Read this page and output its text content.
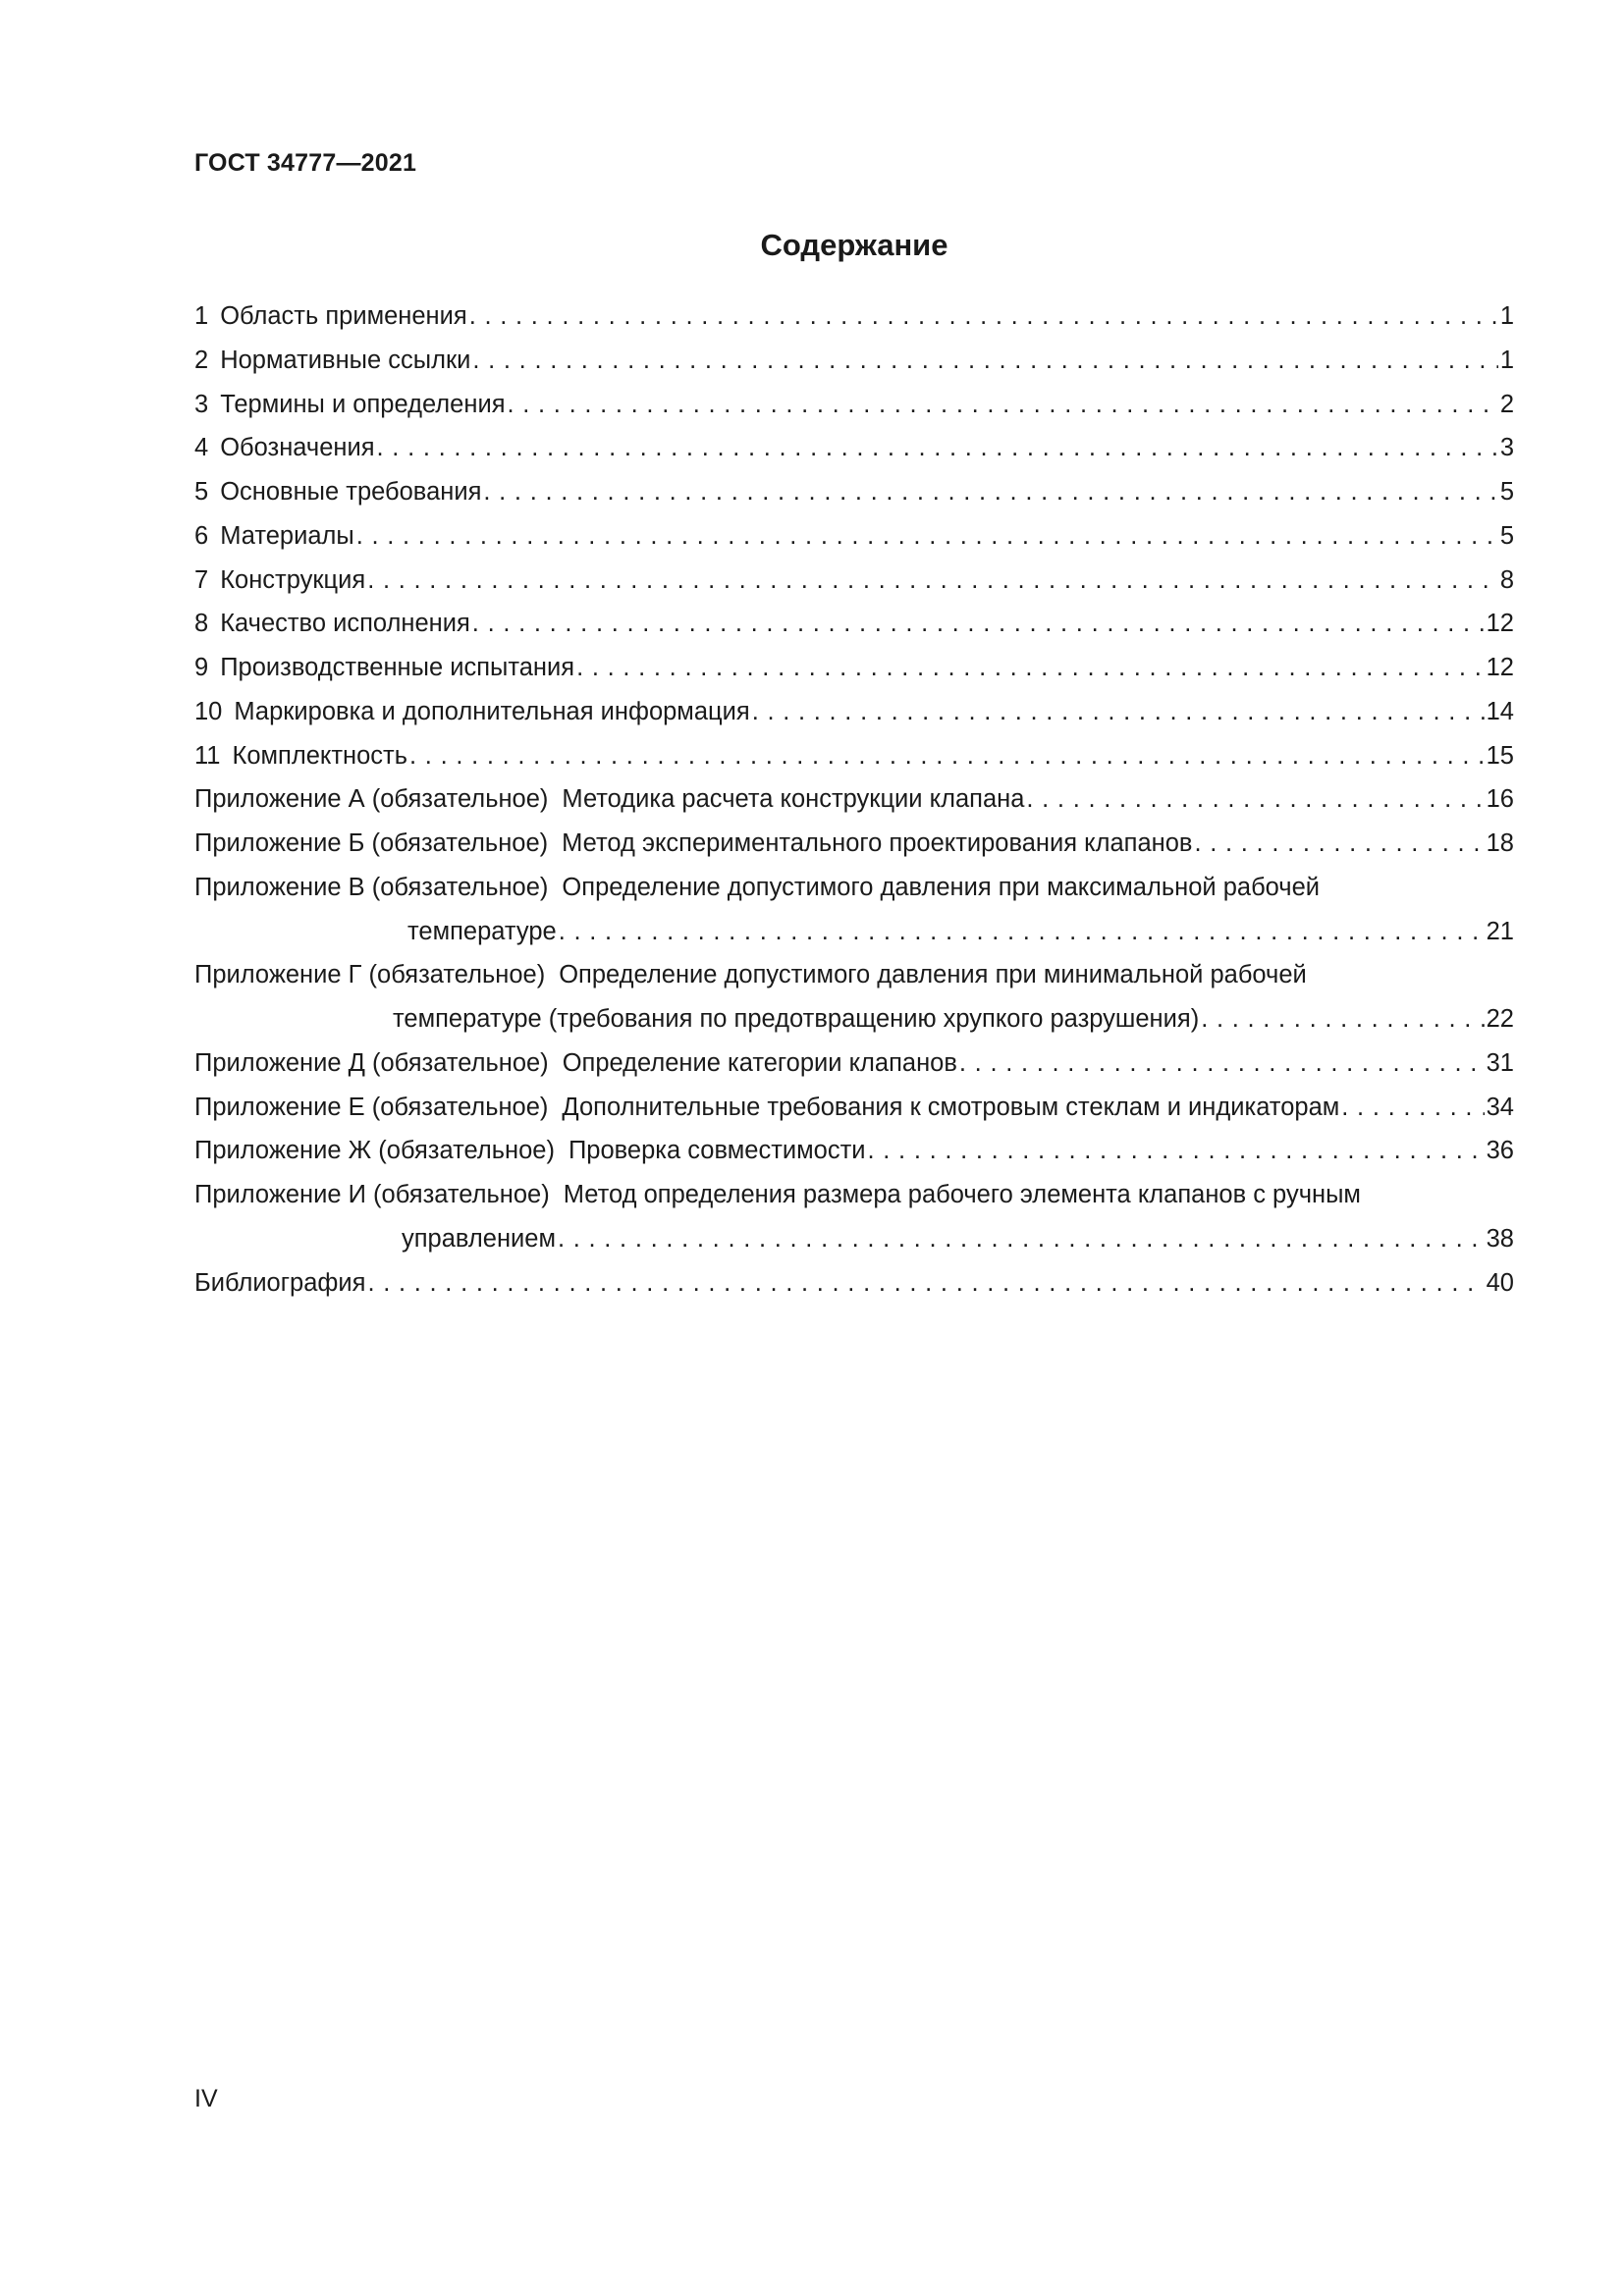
ГОСТ 34777—2021
Содержание
1 Область применения . . .	1
2 Нормативные ссылки . . .	1
3 Термины и определения . . .	2
4 Обозначения . . .	3
5 Основные требования . . .	5
6 Материалы . . .	5
7 Конструкция . . .	8
8 Качество исполнения . . .	12
9 Производственные испытания . . .	12
10 Маркировка и дополнительная информация . . .	14
11 Комплектность . . .	15
Приложение А (обязательное) Методика расчета конструкции клапана . . .	16
Приложение Б (обязательное) Метод экспериментального проектирования клапанов . . .	18
Приложение В (обязательное) Определение допустимого давления при максимальной рабочей
температуре . . .	21
Приложение Г (обязательное) Определение допустимого давления при минимальной рабочей
температуре (требования по предотвращению хрупкого разрушения) . . .	22
Приложение Д (обязательное) Определение категории клапанов . . .	31
Приложение Е (обязательное) Дополнительные требования к смотровым стеклам и индикаторам . . .	34
Приложение Ж (обязательное) Проверка совместимости . . .	36
Приложение И (обязательное) Метод определения размера рабочего элемента клапанов с ручным
управлением . . .	38
Библиография . . .	40
IV
